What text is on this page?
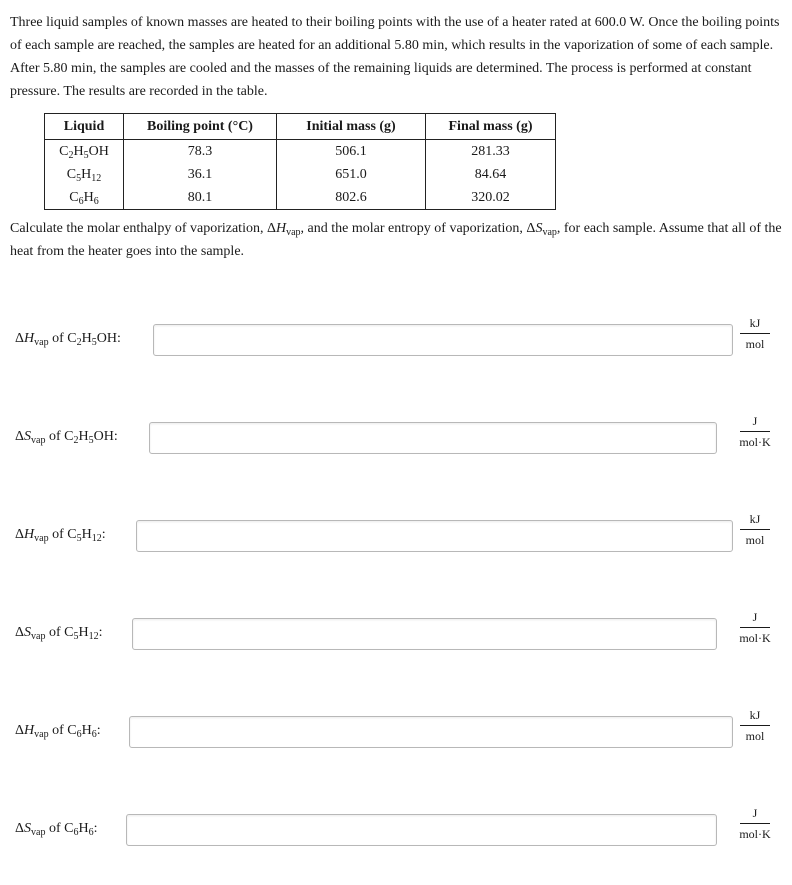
Three liquid samples of known masses are heated to their boiling points with the use of a heater rated at 600.0 W. Once the boiling points of each sample are reached, the samples are heated for an additional 5.80 min, which results in the vaporization of some of each sample. After 5.80 min, the samples are cooled and the masses of the remaining liquids are determined. The process is performed at constant pressure. The results are recorded in the table.
Liquid	Boiling point (°C)	Initial mass (g)	Final mass (g)
$C_2H_5OH$	78.3	506.1	281.33
$C_5H_{12}$	36.1	651.0	84.64
$C_6H_6$	80.1	802.6	320.02
Calculate the molar enthalpy of vaporization, $\Delta H_{vap}$, and the molar entropy of vaporization, $\Delta S_{vap}$, for each sample. Assume that all of the heat from the heater goes into the sample.
$\Delta H_{vap}$ of $C_2H_5OH$:
kJ
mol
$\Delta S_{vap}$ of $C_2H_5OH$:
J
mol·K
$\Delta H_{vap}$ of $C_5H_{12}$:
kJ
mol
$\Delta S_{vap}$ of $C_5H_{12}$:
J
mol·K
$\Delta H_{vap}$ of $C_6H_6$:
kJ
mol
$\Delta S_{vap}$ of $C_6H_6$:
J
mol·K
